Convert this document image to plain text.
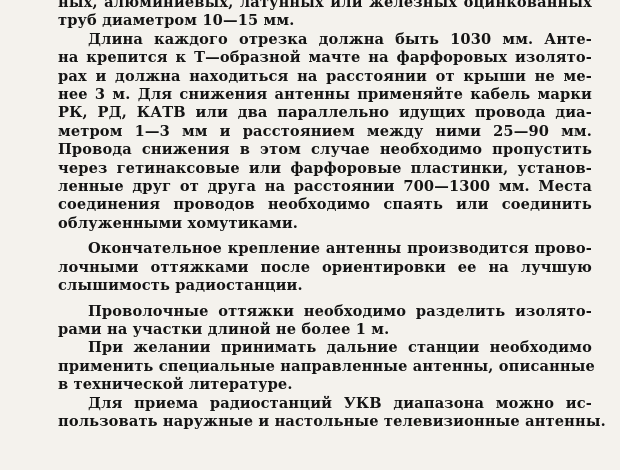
ных, алюминиевых, латунных или железных оцинкованных
труб диаметром 10—15 мм.

Длина каждого отрезка должна быть 1030 мм. Анте-
на крепится к Т—образной мачте на фарфоровых изолято-
рах и должна находиться на расстоянии от крыши не ме-
нее 3 м. Для снижения антенны применяйте кабель марки
РК, РД, КАТВ или два параллельно идущих провода диа-
метром 1—3 мм и расстоянием между ними 25—90 мм.
Провода снижения в этом случае необходимо пропустить
через гетинаксовые или фарфоровые пластинки, установ-
ленные друг от друга на расстоянии 700—1300 мм. Места
соединения проводов необходимо спаять или соединить
облуженными хомутиками.

Окончательное крепление антенны производится прово-
лочными оттяжками после ориентировки ее на лучшую
слышимость радиостанции.

Проволочные оттяжки необходимо разделить изолято-
рами на участки длиной не более 1 м.

При желании принимать дальние станции необходимо
применить специальные направленные антенны, описанные
в технической литературе.

Для приема радиостанций УКВ диапазона можно ис-
пользовать наружные и настольные телевизионные антенны.
